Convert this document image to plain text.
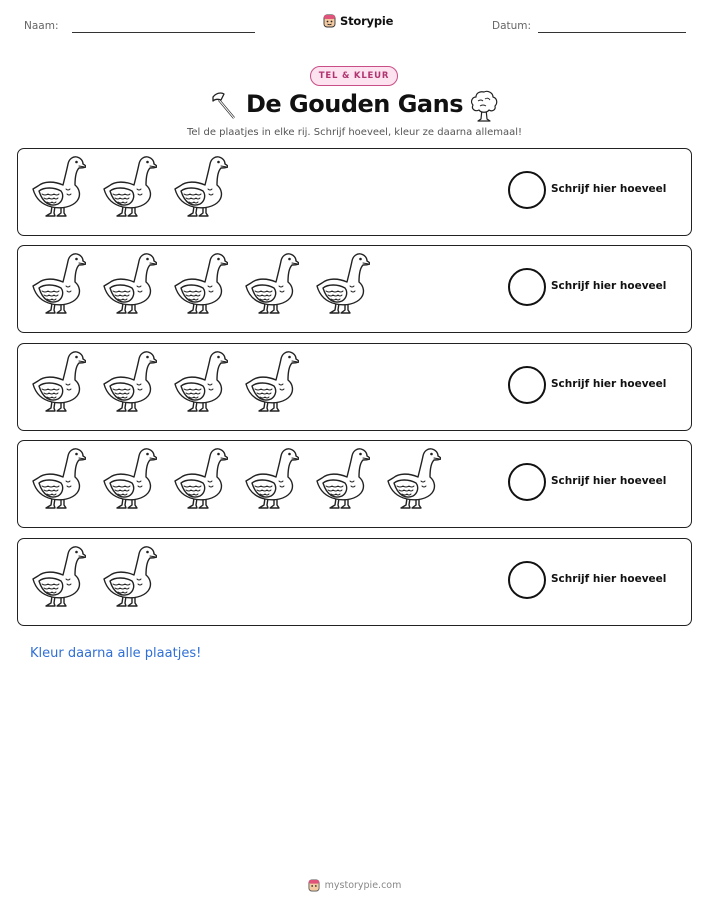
Naam:	Storypie	Datum:
TEL & KLEUR
De Gouden Gans
Tel de plaatjes in elke rij. Schrijf hoeveel, kleur ze daarna allemaal!
Schrijf hier hoeveel
Schrijf hier hoeveel
Schrijf hier hoeveel
Schrijf hier hoeveel
Schrijf hier hoeveel
Kleur daarna alle plaatjes!
mystorypie.com
